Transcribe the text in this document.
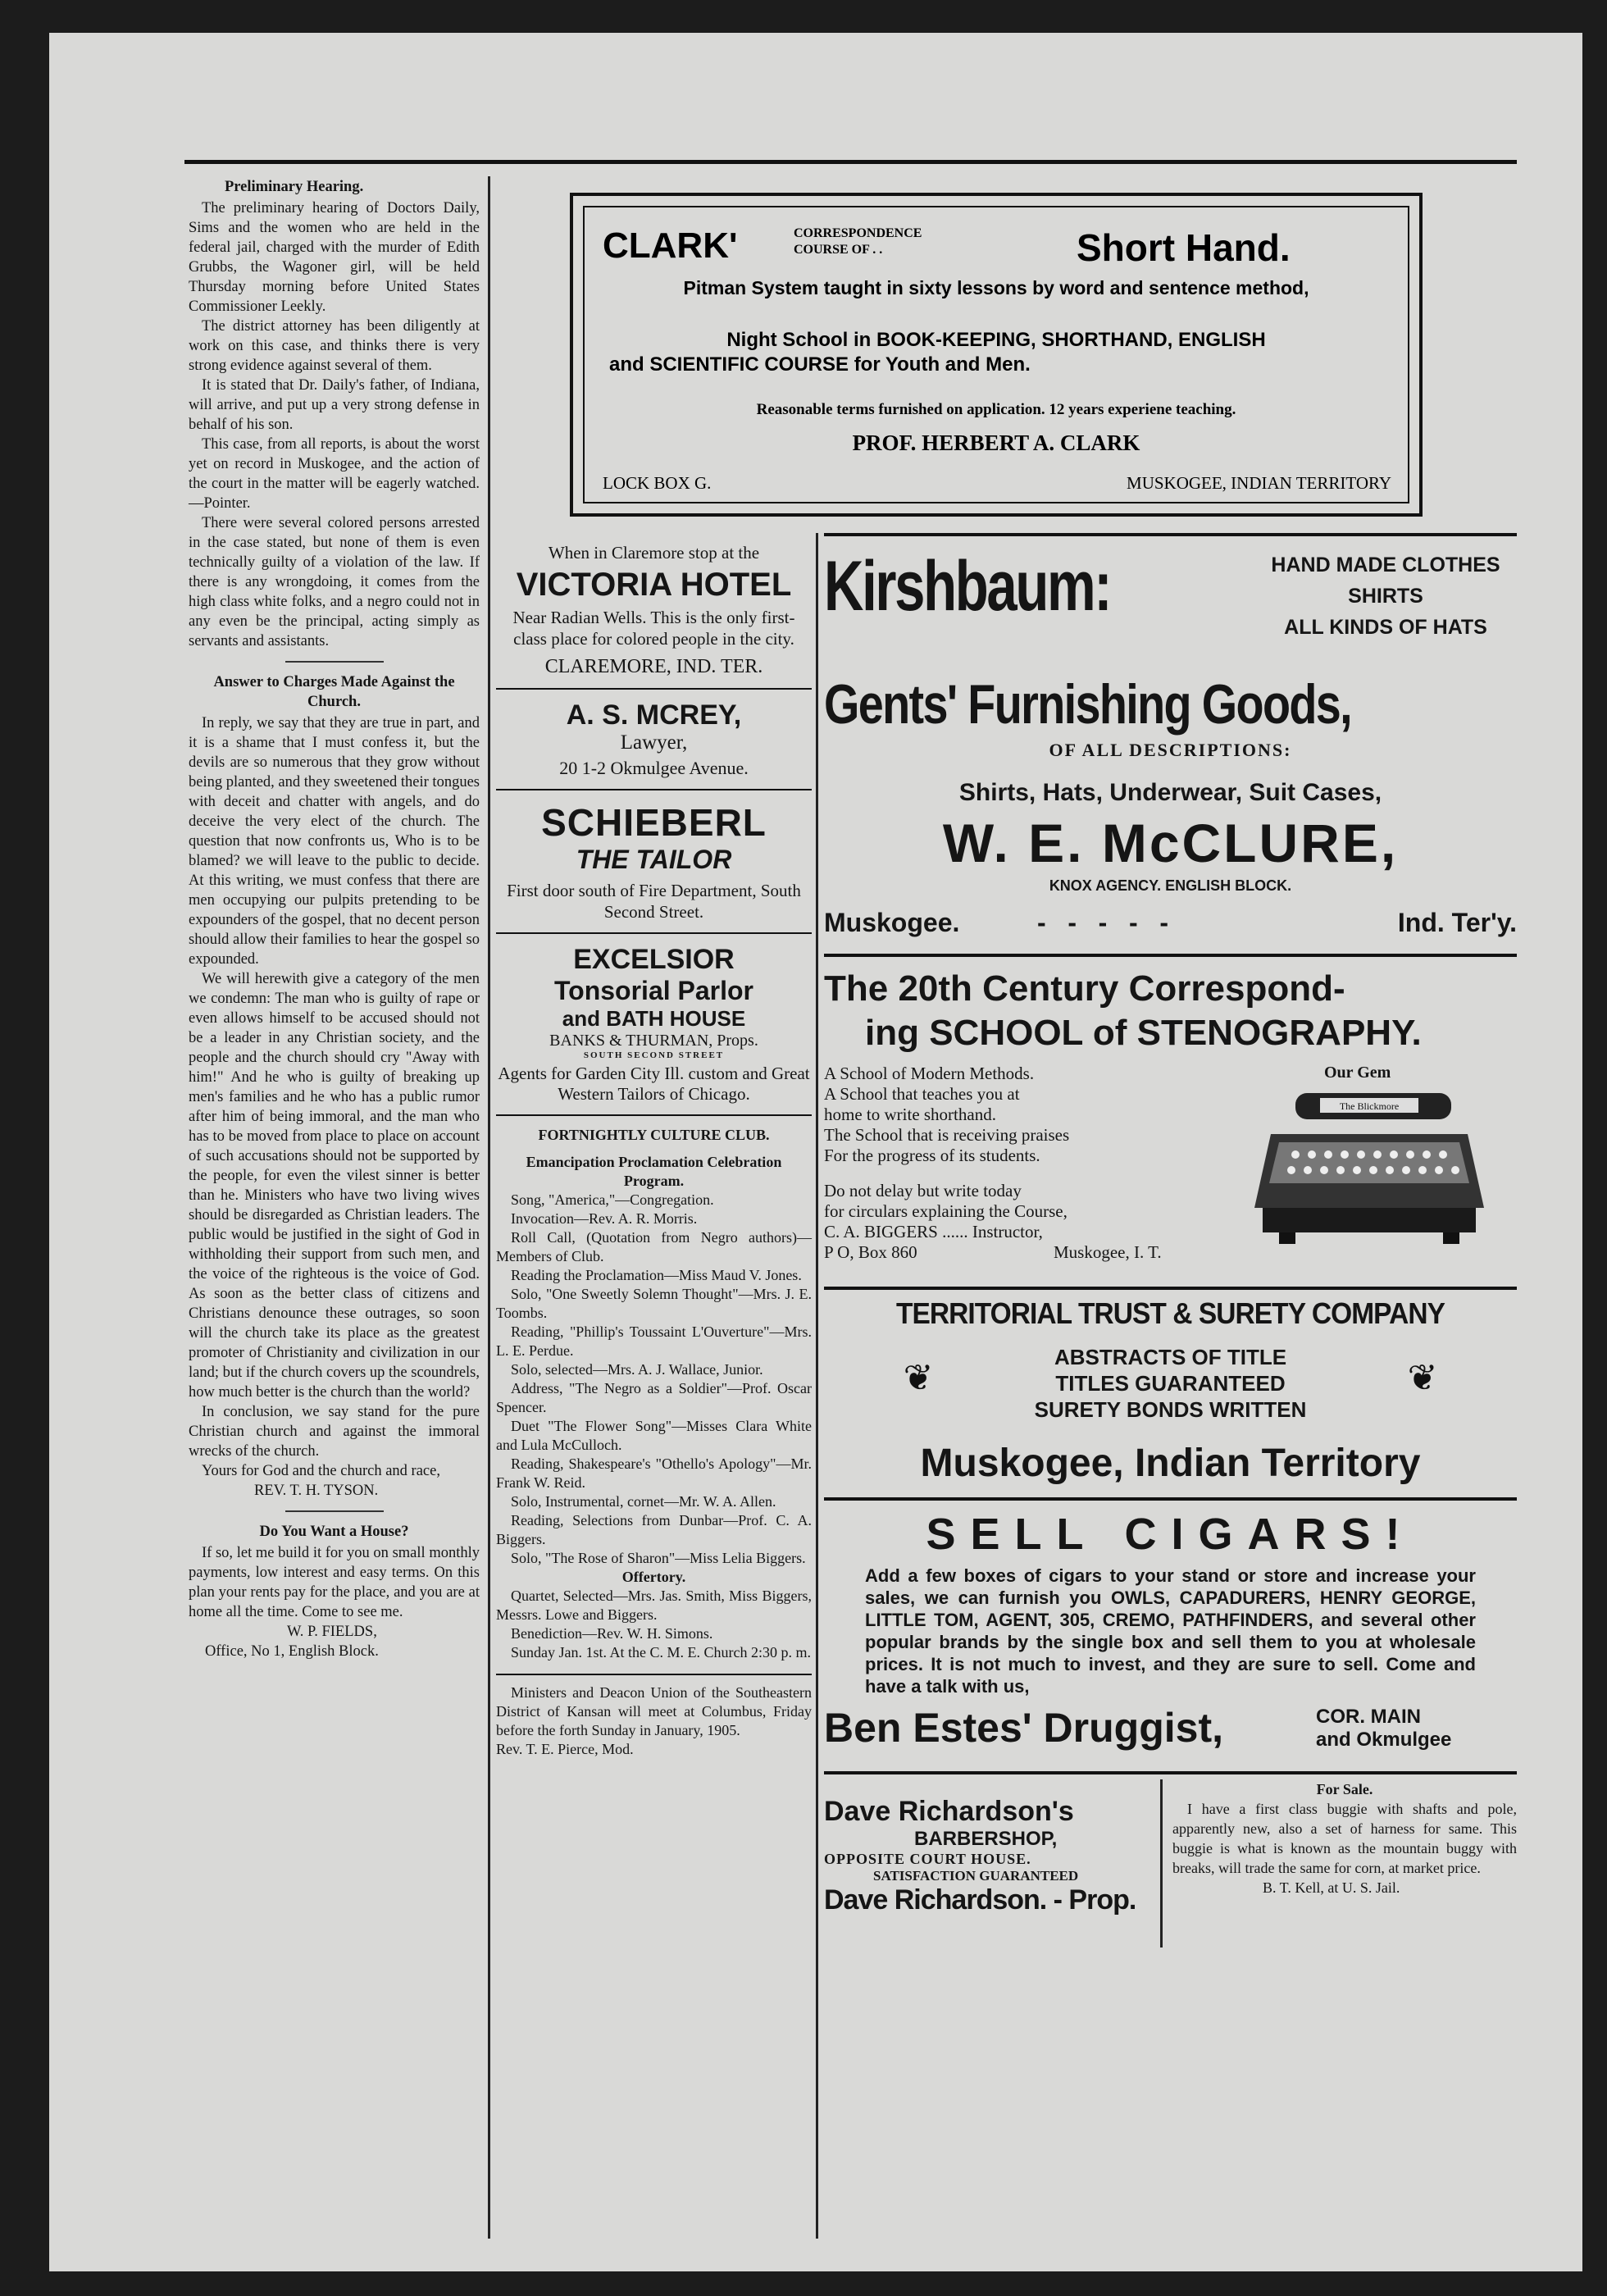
Preliminary Hearing.

The preliminary hearing of Doctors Daily, Sims and the women who are held in the federal jail, charged with the murder of Edith Grubbs, the Wagoner girl, will be held Thursday morning before United States Commissioner Leekly.

The district attorney has been diligently at work on this case, and thinks there is very strong evidence against several of them.

It is stated that Dr. Daily's father, of Indiana, will arrive, and put up a very strong defense in behalf of his son.

This case, from all reports, is about the worst yet on record in Muskogee, and the action of the court in the matter will be eagerly watched.—Pointer.

There were several colored persons arrested in the case stated, but none of them is even technically guilty of a violation of the law. If there is any wrongdoing, it comes from the high class white folks, and a negro could not in any even be the principal, acting simply as servants and assistants.

Answer to Charges Made Against the Church.

In reply, we say that they are true in part, and it is a shame that I must confess it, but the devils are so numerous that they grow without being planted, and they sweetened their tongues with deceit and chatter with angels, and do deceive the very elect of the church. The question that now confronts us, Who is to be blamed? we will leave to the public to decide. At this writing, we must confess that there are men occupying our pulpits pretending to be expounders of the gospel, that no decent person should allow their families to hear the gospel so expounded.

We will herewith give a category of the men we condemn: The man who is guilty of rape or even allows himself to be accused should not be a leader in any Christian society, and the people and the church should cry "Away with him!" And he who is guilty of breaking up men's families and he who has a public rumor after him of being immoral, and the man who has to be moved from place to place on account of such accusations should not be supported by the people, for even the vilest sinner is better than he. Ministers who have two living wives should be disregarded as Christian leaders. The public would be justified in the sight of God in withholding their support from such men, and the voice of the righteous is the voice of God. As soon as the better class of citizens and Christians denounce these outrages, so soon will the church take its place as the greatest promoter of Christianity and civilization in our land; but if the church covers up the scoundrels, how much better is the church than the world?

In conclusion, we say stand for the pure Christian church and against the immoral wrecks of the church.

Yours for God and the church and race,

REV. T. H. TYSON.

Do You Want a House?

If so, let me build it for you on small monthly payments, low interest and easy terms. On this plan your rents pay for the place, and you are at home all the time. Come to see me.

W. P. FIELDS,

Office, No 1, English Block.

CLARK'	CORRESPONDENCE
COURSE OF . .	Short Hand.
Pitman System taught in sixty lessons by word and sentence method,
Night School in BOOK-KEEPING, SHORTHAND, ENGLISH
and SCIENTIFIC COURSE for Youth and Men.
Reasonable terms furnished on application. 12 years experiene teaching.
PROF. HERBERT A. CLARK
LOCK BOX G.	MUSKOGEE, INDIAN TERRITORY
When in Claremore stop at the
VICTORIA HOTEL
Near Radian Wells. This is the only first-class place for colored people in the city.
CLAREMORE, IND. TER.
A. S. MCREY,
Lawyer,
20 1-2 Okmulgee Avenue.
SCHIEBERL
THE TAILOR
First door south of Fire Department, South Second Street.
EXCELSIOR
Tonsorial Parlor
and BATH HOUSE
BANKS & THURMAN, Props.
SOUTH SECOND STREET
Agents for Garden City Ill. custom and Great Western Tailors of Chicago.
FORTNIGHTLY CULTURE CLUB.
Emancipation Proclamation Celebration Program.
Song, "America,"—Congregation.
Invocation—Rev. A. R. Morris.
Roll Call, (Quotation from Negro authors)—Members of Club.
Reading the Proclamation—Miss Maud V. Jones.
Solo, "One Sweetly Solemn Thought"—Mrs. J. E. Toombs.
Reading, "Phillip's Toussaint L'Ouverture"—Mrs. L. E. Perdue.
Solo, selected—Mrs. A. J. Wallace, Junior.
Address, "The Negro as a Soldier"—Prof. Oscar Spencer.
Duet "The Flower Song"—Misses Clara White and Lula McCulloch.
Reading, Shakespeare's "Othello's Apology"—Mr. Frank W. Reid.
Solo, Instrumental, cornet—Mr. W. A. Allen.
Reading, Selections from Dunbar—Prof. C. A. Biggers.
Solo, "The Rose of Sharon"—Miss Lelia Biggers.
Offertory.
Quartet, Selected—Mrs. Jas. Smith, Miss Biggers, Messrs. Lowe and Biggers.
Benediction—Rev. W. H. Simons.
Sunday Jan. 1st. At the C. M. E. Church 2:30 p. m.
Ministers and Deacon Union of the Southeastern District of Kansan will meet at Columbus, Friday before the forth Sunday in January, 1905.
Rev. T. E. Pierce, Mod.
Kirshbaum:	HAND MADE CLOTHES
SHIRTS
ALL KINDS OF HATS
Gents' Furnishing Goods,
OF ALL DESCRIPTIONS:
Shirts, Hats, Underwear, Suit Cases,
W. E. McCLURE,
KNOX AGENCY. ENGLISH BLOCK.
Muskogee.	-   -   -   -   -	Ind. Ter'y.
The 20th Century Correspond-
ing SCHOOL of STENOGRAPHY.
A School of Modern Methods.
A School that teaches you at
home to write shorthand.
The School that is receiving praises
For the progress of its students.
Do not delay but write today
for circulars explaining the Course,
C. A. BIGGERS ...... Instructor,
P O, Box 860	Muskogee, I. T.
Our Gem
The Blickmore
TERRITORIAL TRUST & SURETY COMPANY
❦
ABSTRACTS OF TITLE
TITLES GUARANTEED
SURETY BONDS WRITTEN
❦
Muskogee, Indian Territory
SELL CIGARS!
Add a few boxes of cigars to your stand or store and increase your sales, we can furnish you OWLS, CAPADURERS, HENRY GEORGE, LITTLE TOM, AGENT, 305, CREMO, PATHFINDERS, and several other popular brands by the single box and sell them to you at wholesale prices. It is not much to invest, and they are sure to sell. Come and have a talk with us,
Ben Estes' Druggist,	COR. MAIN
and Okmulgee
Dave Richardson's
BARBERSHOP,
OPPOSITE COURT HOUSE.
SATISFACTION GUARANTEED
Dave Richardson. - Prop.
For Sale.
I have a first class buggie with shafts and pole, apparently new, also a set of harness for same. This buggie is what is known as the mountain buggy with breaks, will trade the same for corn, at market price.
B. T. Kell, at U. S. Jail.
